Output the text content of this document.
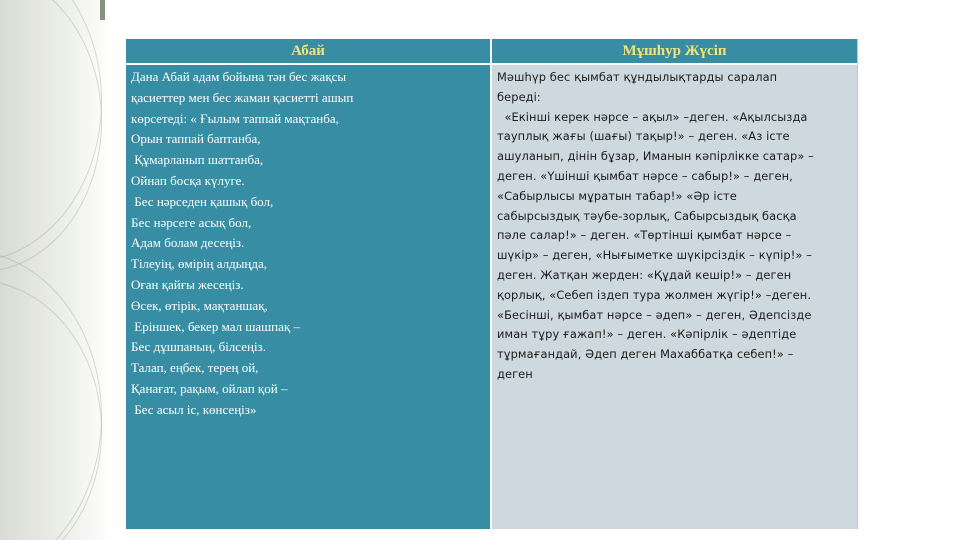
Абай	Мұшһур Жүсіп
Дана Абай адам бойына тән бес жақсы
қасиеттер мен бес жаман қасиетті ашып
көрсетеді: « Ғылым таппай мақтанба,
Орын таппай баптанба,
Құмарланып шаттанба,
Ойнап босқа күлуге.
Бес нәрседен қашық бол,
Бес нәрсеге асық бол,
Адам болам десеңіз.
Тілеуің, өмірің алдыңда,
Оған қайғы жесеңіз.
Өсек, өтірік, мақтаншақ,
Еріншек, бекер мал шашпақ –
Бес дұшпаның, білсеңіз.
Талап, еңбек, терең ой,
Қанағат, рақым, ойлап қой –
Бес асыл іс, көнсеңіз»
Мәшһүр бес қымбат құндылықтарды саралап
береді:
«Екінші керек нәрсе – ақыл» –деген. «Ақылсызда
тауплық жағы (шағы) тақыр!» – деген. «Аз істе
ашуланып, дінін бұзар, Иманын кәпірлікке сатар» –
деген. «Үшінші қымбат нәрсе – сабыр!» – деген,
«Сабырлысы мұратын табар!» «Әр істе
сабырсыздық тәубе-зорлық, Сабырсыздық басқа
пәле салар!» – деген. «Төртінші қымбат нәрсе –
шүкір» – деген, «Нығыметке шүкірсіздік – күпір!» –
деген. Жатқан жерден: «Құдай кешір!» – деген
қорлық, «Себеп іздеп тура жолмен жүгір!» –деген.
«Бесінші, қымбат нәрсе – әдеп» – деген, Әдепсізде
иман тұру ғажап!» – деген. «Кәпірлік – әдептіде
тұрмағандай, Әдеп деген Махаббатқа себеп!» –
деген
